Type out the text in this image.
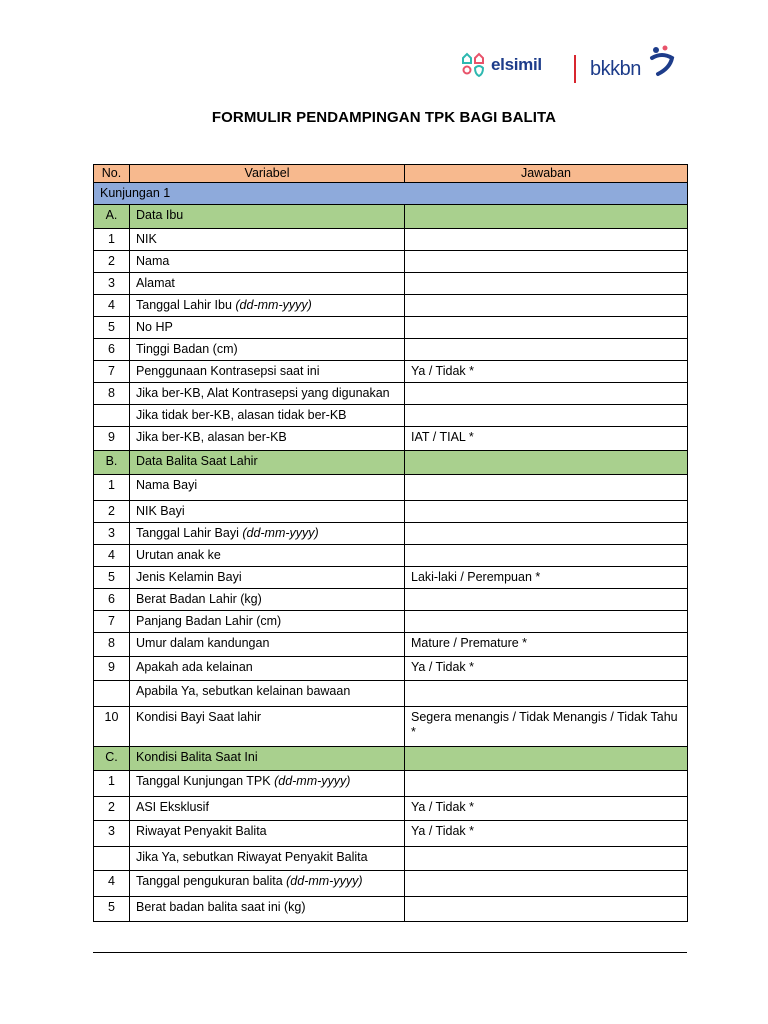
elsimil bkkbn
FORMULIR PENDAMPINGAN TPK BAGI BALITA
No.	Variabel	Jawaban
Kunjungan 1		
A.	Data Ibu	
1	NIK	
2	Nama	
3	Alamat	
4	Tanggal Lahir Ibu (dd-mm-yyyy)	
5	No HP	
6	Tinggi Badan (cm)	
7	Penggunaan Kontrasepsi saat ini	Ya / Tidak *
8	Jika ber-KB, Alat Kontrasepsi yang digunakan	
	Jika tidak ber-KB, alasan tidak ber-KB	
9	Jika ber-KB, alasan ber-KB	IAT / TIAL *
B.	Data Balita Saat Lahir	
1	Nama Bayi	
2	NIK Bayi	
3	Tanggal Lahir Bayi (dd-mm-yyyy)	
4	Urutan anak ke	
5	Jenis Kelamin Bayi	Laki-laki / Perempuan *
6	Berat Badan Lahir (kg)	
7	Panjang Badan Lahir (cm)	
8	Umur dalam kandungan	Mature / Premature *
9	Apakah ada kelainan	Ya / Tidak *
	Apabila Ya, sebutkan kelainan bawaan	
10	Kondisi Bayi Saat lahir	Segera menangis / Tidak Menangis / Tidak Tahu *
C.	Kondisi Balita Saat Ini	
1	Tanggal Kunjungan TPK (dd-mm-yyyy)	
2	ASI Eksklusif	Ya / Tidak *
3	Riwayat Penyakit Balita	Ya / Tidak *
	Jika Ya, sebutkan Riwayat Penyakit Balita	
4	Tanggal pengukuran balita (dd-mm-yyyy)	
5	Berat badan balita saat ini (kg)	
